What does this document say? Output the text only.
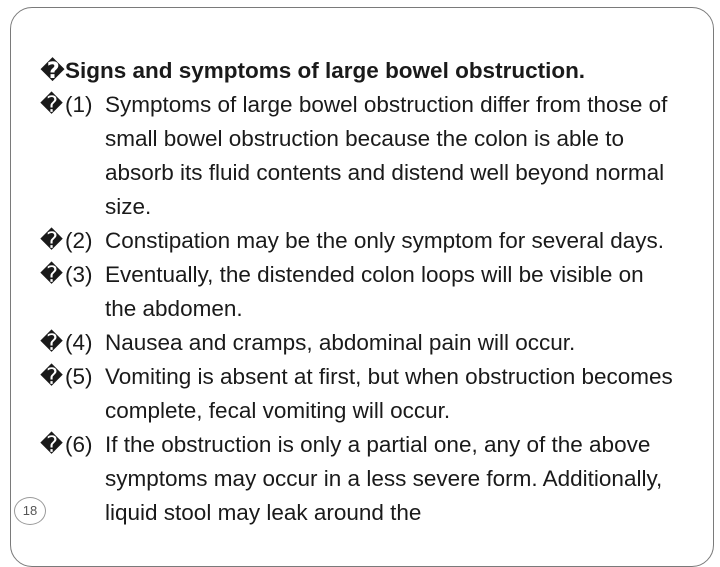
� Signs and symptoms of large bowel obstruction.
� (1) Symptoms of large bowel obstruction differ from those of small bowel obstruction because the colon is able to absorb its fluid contents and distend well beyond normal size.
� (2) Constipation may be the only symptom for several days.
� (3) Eventually, the distended colon loops will be visible on the abdomen.
� (4) Nausea and cramps, abdominal pain will occur.
� (5) Vomiting is absent at first, but when obstruction becomes complete, fecal vomiting will occur.
� (6) If the obstruction is only a partial one, any of the above symptoms may occur in a less severe form. Additionally, liquid stool may leak around the
18
